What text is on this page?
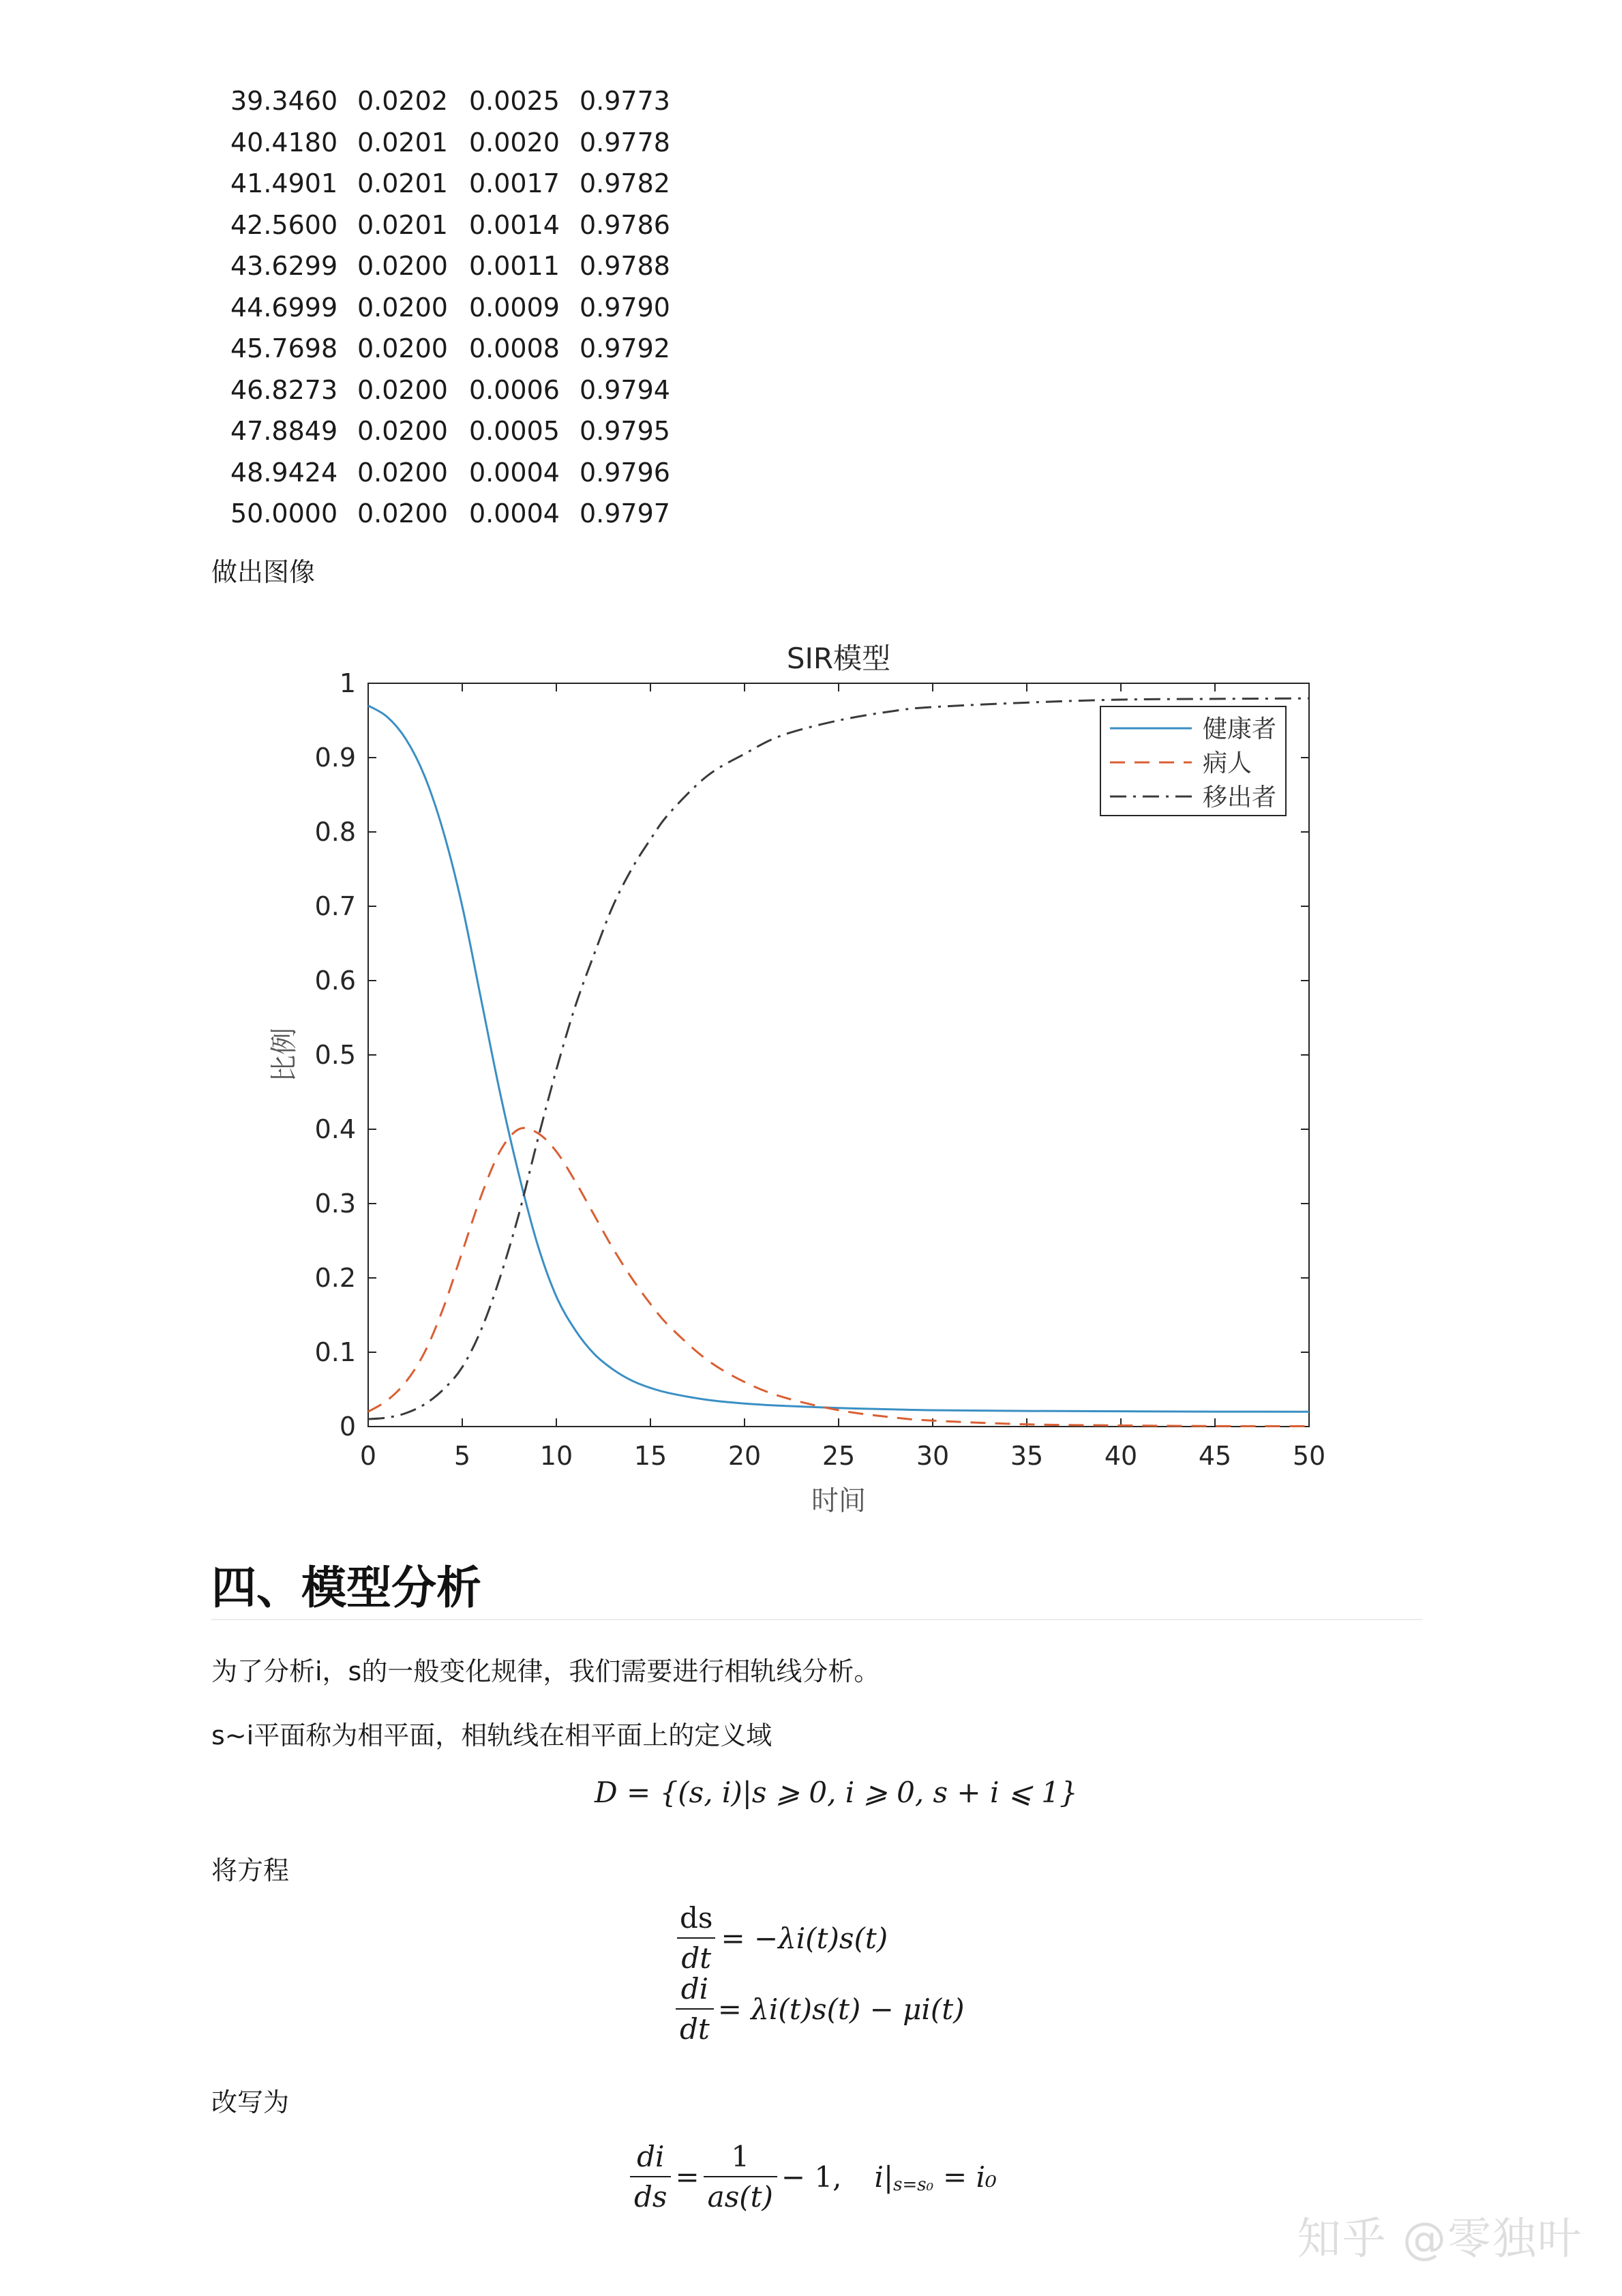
39.3460 0.0202 0.0025 0.9773
40.4180 0.0201 0.0020 0.9778
41.4901 0.0201 0.0017 0.9782
42.5600 0.0201 0.0014 0.9786
43.6299 0.0200 0.0011 0.9788
44.6999 0.0200 0.0009 0.9790
45.7698 0.0200 0.0008 0.9792
46.8273 0.0200 0.0006 0.9794
47.8849 0.0200 0.0005 0.9795
48.9424 0.0200 0.0004 0.9796
50.0000 0.0200 0.0004 0.9797
做出图像
0	5	10 15 20 25 30 35 40 45 50
0
0.1
0.2
0.3
0.4
0.5
0.6
0.7
0.8
0.9
1
SIR模型
时间
比例
健康者
病人
移出者
四、模型分析
为了分析i，s的一般变化规律，我们需要进行相轨线分析。
s~i平面称为相平面，相轨线在相平面上的定义域
D = {(s, i)|s ⩾ 0, i ⩾ 0, s + i ⩽ 1}
将方程
$\frac{ds}{dt} = -\lambda i(t)s(t)$
$\frac{di}{dt} = \lambda i(t)s(t) - \mu i(t)$
改写为
$\frac{di}{ds} = \frac{1}{as(t)} - 1$, i| s=s₀ = i₀
知乎 @零独叶
